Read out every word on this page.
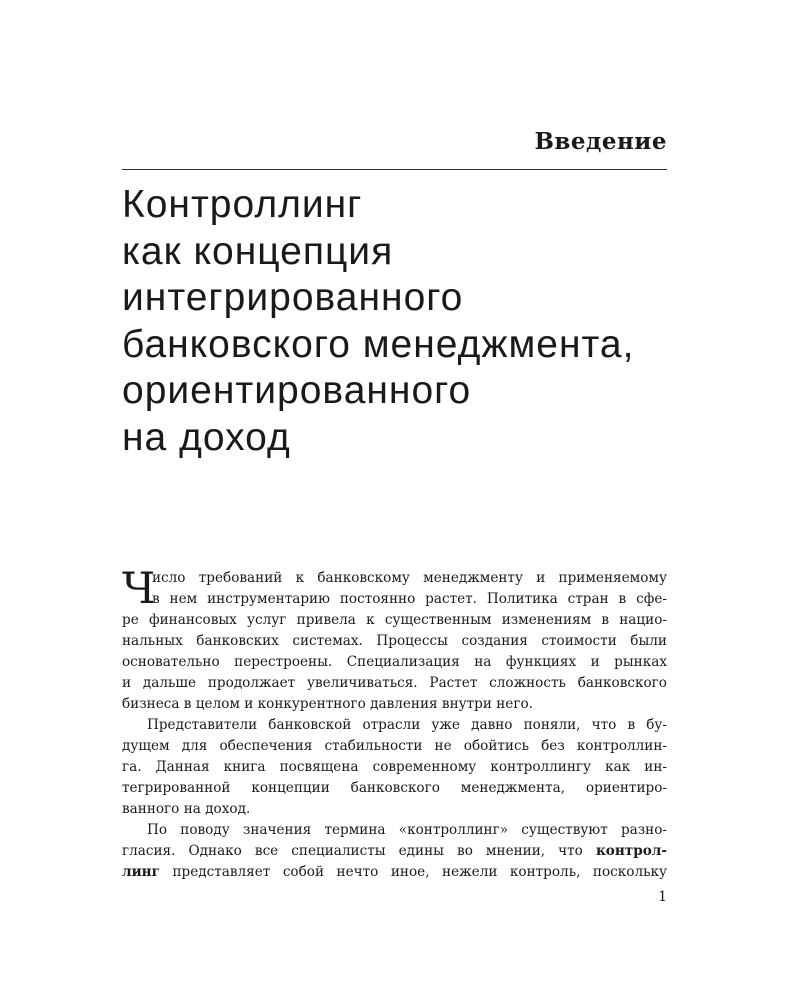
Введение
Контроллинг
как концепция
интегрированного
банковского менеджмента,
ориентированного
на доход

Ч
исло требований к банковскому менеджменту и применяемому
в нем инструментарию постоянно растет. Политика стран в сфе-
ре финансовых услуг привела к существенным изменениям в нацио-
нальных банковских системах. Процессы создания стоимости были
основательно перестроены. Специализация на функциях и рынках
и дальше продолжает увеличиваться. Растет сложность банковского
бизнеса в целом и конкурентного давления внутри него.

Представители банковской отрасли уже давно поняли, что в бу-
дущем для обеспечения стабильности не обойтись без контроллин-
га. Данная книга посвящена современному контроллингу как ин-
тегрированной концепции банковского менеджмента, ориентиро-
ванного на доход.

По поводу значения термина «контроллинг» существуют разно-
гласия. Однако все специалисты едины во мнении, что контрол-
линг представляет собой нечто иное, нежели контроль, поскольку

1
